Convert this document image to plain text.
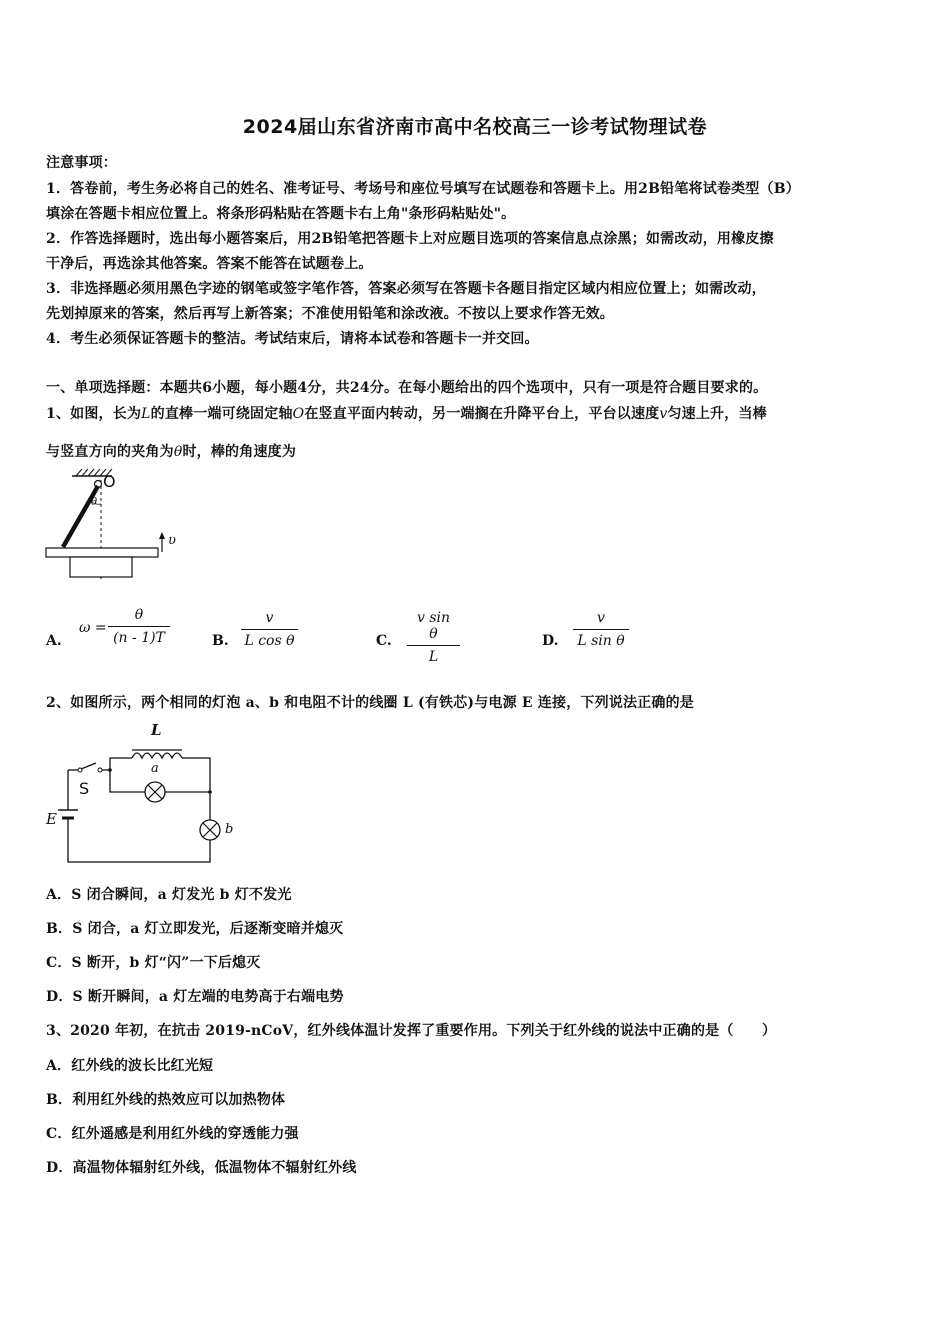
2024届山东省济南市高中名校高三一诊考试物理试卷
注意事项：
1．答卷前，考生务必将自己的姓名、准考证号、考场号和座位号填写在试题卷和答题卡上。用2B铅笔将试卷类型（B）
填涂在答题卡相应位置上。将条形码粘贴在答题卡右上角"条形码粘贴处"。
2．作答选择题时，选出每小题答案后，用2B铅笔把答题卡上对应题目选项的答案信息点涂黑；如需改动，用橡皮擦
干净后，再选涂其他答案。答案不能答在试题卷上。
3．非选择题必须用黑色字迹的钢笔或签字笔作答，答案必须写在答题卡各题目指定区域内相应位置上；如需改动，
先划掉原来的答案，然后再写上新答案；不准使用铅笔和涂改液。不按以上要求作答无效。
4．考生必须保证答题卡的整洁。考试结束后，请将本试卷和答题卡一并交回。
一、单项选择题：本题共6小题，每小题4分，共24分。在每小题给出的四个选项中，只有一项是符合题目要求的。
1、如图，长为L的直棒一端可绕固定轴O在竖直平面内转动，另一端搁在升降平台上，平台以速度v匀速上升，当棒
与竖直方向的夹角为θ时，棒的角速度为
O
θ
υ
A.
$\omega = \frac{\theta}{(n - 1)T}$	B. $\frac{v}{\text{L cos θ}}$	C. $\frac{\text{v sin θ}}{L}$	D. $\frac{v}{\text{L sin θ}}$
2、如图所示，两个相同的灯泡 a、b 和电阻不计的线圈 L (有铁芯)与电源 E 连接，下列说法正确的是
L
a
b
S
E
A．S 闭合瞬间，a 灯发光 b 灯不发光
B．S 闭合，a 灯立即发光，后逐渐变暗并熄灭
C．S 断开，b 灯“闪”一下后熄灭
D．S 断开瞬间，a 灯左端的电势高于右端电势
3、2020 年初，在抗击 2019-nCoV，红外线体温计发挥了重要作用。下列关于红外线的说法中正确的是（　　）
A．红外线的波长比红光短
B．利用红外线的热效应可以加热物体
C．红外遥感是利用红外线的穿透能力强
D．高温物体辐射红外线，低温物体不辐射红外线
